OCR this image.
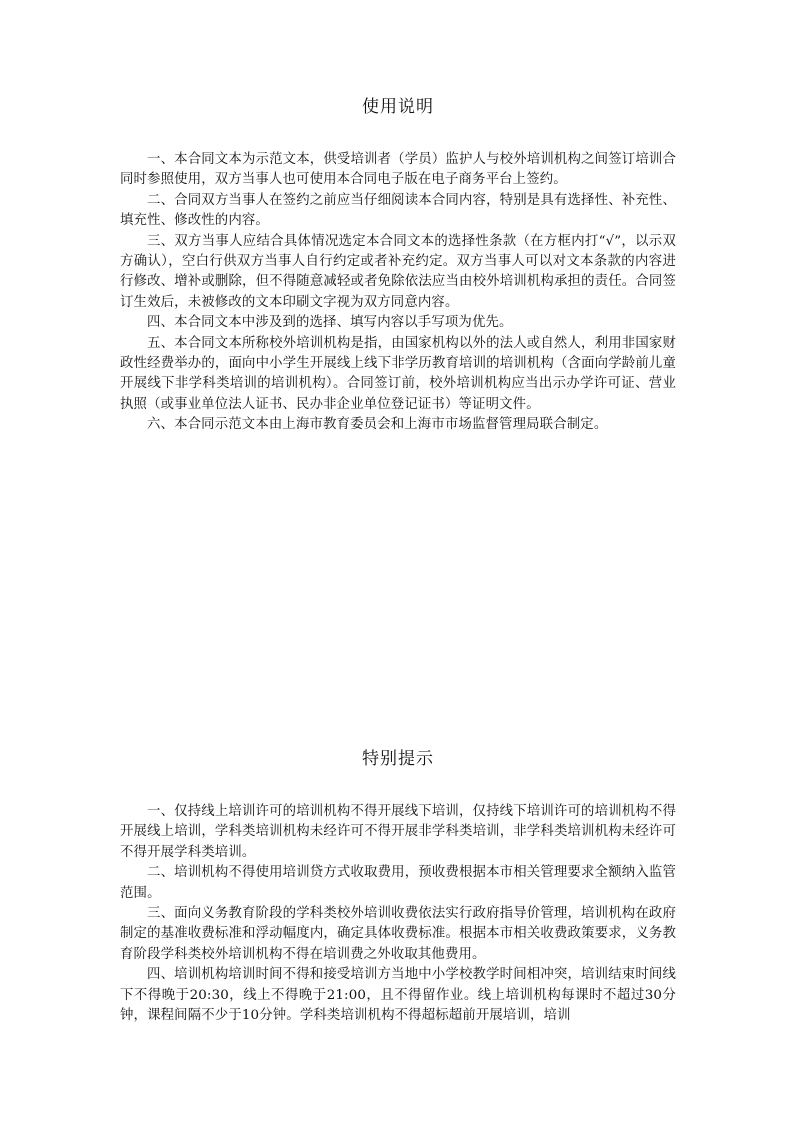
使用说明

一、本合同文本为示范文本，供受培训者（学员）监护人与校外培训机构之间签订培训合同时参照使用，双方当事人也可使用本合同电子版在电子商务平台上签约。

二、合同双方当事人在签约之前应当仔细阅读本合同内容，特别是具有选择性、补充性、填充性、修改性的内容。

三、双方当事人应结合具体情况选定本合同文本的选择性条款（在方框内打“√”，以示双方确认），空白行供双方当事人自行约定或者补充约定。双方当事人可以对文本条款的内容进行修改、增补或删除，但不得随意减轻或者免除依法应当由校外培训机构承担的责任。合同签订生效后，未被修改的文本印刷文字视为双方同意内容。

四、本合同文本中涉及到的选择、填写内容以手写项为优先。

五、本合同文本所称校外培训机构是指，由国家机构以外的法人或自然人，利用非国家财政性经费举办的，面向中小学生开展线上线下非学历教育培训的培训机构（含面向学龄前儿童开展线下非学科类培训的培训机构）。合同签订前，校外培训机构应当出示办学许可证、营业执照（或事业单位法人证书、民办非企业单位登记证书）等证明文件。

六、本合同示范文本由上海市教育委员会和上海市市场监督管理局联合制定。

特别提示

一、仅持线上培训许可的培训机构不得开展线下培训，仅持线下培训许可的培训机构不得开展线上培训，学科类培训机构未经许可不得开展非学科类培训，非学科类培训机构未经许可不得开展学科类培训。

二、培训机构不得使用培训贷方式收取费用，预收费根据本市相关管理要求全额纳入监管范围。

三、面向义务教育阶段的学科类校外培训收费依法实行政府指导价管理，培训机构在政府制定的基准收费标准和浮动幅度内，确定具体收费标准。根据本市相关收费政策要求，义务教育阶段学科类校外培训机构不得在培训费之外收取其他费用。

四、培训机构培训时间不得和接受培训方当地中小学校教学时间相冲突，培训结束时间线下不得晚于20:30，线上不得晚于21:00，且不得留作业。线上培训机构每课时不超过30分钟，课程间隔不少于10分钟。学科类培训机构不得超标超前开展培训，培训
